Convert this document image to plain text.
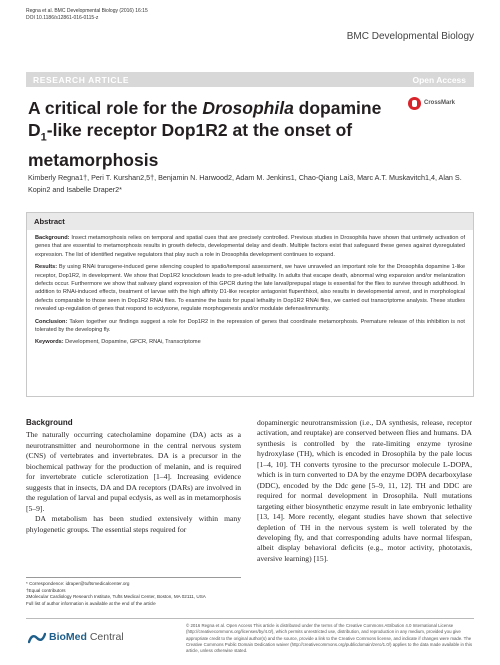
Regna et al. BMC Developmental Biology (2016) 16:15
DOI 10.1186/s12861-016-0115-z
BMC Developmental Biology
RESEARCH ARTICLE	Open Access
A critical role for the Drosophila dopamine $D_1$-like receptor Dop1R2 at the onset of metamorphosis
CrossMark
Kimberly Regna1†, Peri T. Kurshan2,5†, Benjamin N. Harwood2, Adam M. Jenkins1, Chao-Qiang Lai3, Marc A.T. Muskavitch1,4, Alan S. Kopin2 and Isabelle Draper2*
Abstract

Background: Insect metamorphosis relies on temporal and spatial cues that are precisely controlled. Previous studies in Drosophila have shown that untimely activation of genes that are essential to metamorphosis results in growth defects, developmental delay and death. Multiple factors exist that safeguard these genes against dysregulated expression. The list of identified negative regulators that play such a role in Drosophila development continues to expand.

Results: By using RNAi transgene-induced gene silencing coupled to spatio/temporal assessment, we have unraveled an important role for the Drosophila dopamine 1-like receptor, Dop1R2, in development. We show that Dop1R2 knockdown leads to pre-adult lethality. In adults that escape death, abnormal wing expansion and/or melanization defects occur. Furthermore we show that salivary gland expression of this GPCR during the late larval/prepupal stage is essential for the flies to survive through adulthood. In addition to RNAi-induced effects, treatment of larvae with the high affinity D1-like receptor antagonist flupenthixol, also results in developmental arrest, and in morphological defects comparable to those seen in Dop1R2 RNAi flies. To examine the basis for pupal lethality in Dop1R2 RNAi flies, we carried out transcriptome analysis. These studies revealed up-regulation of genes that respond to ecdysone, regulate morphogenesis and/or modulate defense/immunity.

Conclusion: Taken together our findings suggest a role for Dop1R2 in the repression of genes that coordinate metamorphosis. Premature release of this inhibition is not tolerated by the developing fly.

Keywords: Development, Dopamine, GPCR, RNAi, Transcriptome

Background

The naturally occurring catecholamine dopamine (DA) acts as a neurotransmitter and neurohormone in the central nervous system (CNS) of vertebrates and invertebrates. DA is a precursor in the biochemical pathway for the production of melanin, and is required for invertebrate cuticle sclerotization [1–4]. Increasing evidence suggests that in insects, DA and DA receptors (DARs) are involved in the regulation of larval and pupal ecdysis, as well as in metamorphosis [5–9].

DA metabolism has been studied extensively within many phylogenetic groups. The essential steps required for

dopaminergic neurotransmission (i.e., DA synthesis, release, receptor activation, and reuptake) are conserved between flies and humans. DA synthesis is controlled by the rate-limiting enzyme tyrosine hydroxylase (TH), which is encoded in Drosophila by the pale locus [1–4, 10]. TH converts tyrosine to the precursor molecule L-DOPA, which is in turn converted to DA by the enzyme DOPA decarboxylase (DDC), encoded by the Ddc gene [5–9, 11, 12]. TH and DDC are required for normal development in Drosophila. Null mutations targeting either biosynthetic enzyme result in late embryonic lethality [13, 14]. More recently, elegant studies have shown that selective depletion of TH in the nervous system is well tolerated by the developing fly, and that corresponding adults have normal lifespan, albeit display behavioral deficits (e.g., motor activity, phototaxis, aversive learning) [15].

* Correspondence: idraper@tuftsmedicalcenter.org
†Equal contributors
2Molecular Cardiology Research Institute, Tufts Medical Center, Boston, MA 02111, USA
Full list of author information is available at the end of the article
BioMed Central
© 2016 Regna et al. Open Access This article is distributed under the terms of the Creative Commons Attribution 4.0 International License (http://creativecommons.org/licenses/by/4.0/), which permits unrestricted use, distribution, and reproduction in any medium, provided you give appropriate credit to the original author(s) and the source, provide a link to the Creative Commons license, and indicate if changes were made. The Creative Commons Public Domain Dedication waiver (http://creativecommons.org/publicdomain/zero/1.0/) applies to the data made available in this article, unless otherwise stated.
